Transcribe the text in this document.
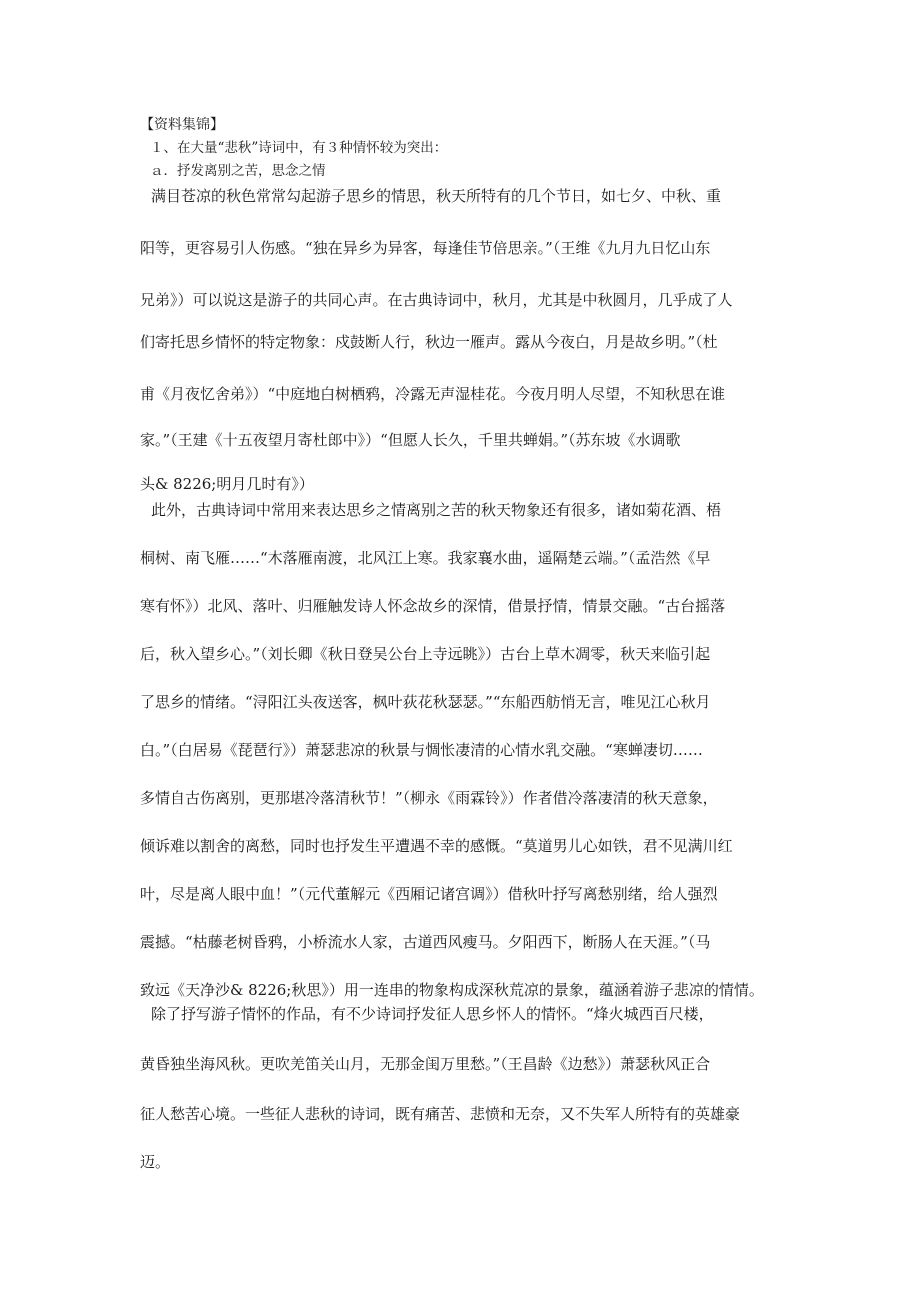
【资料集锦】
１、在大量“悲秋”诗词中，有３种情怀较为突出：
ａ．抒发离别之苦，思念之情
满目苍凉的秋色常常勾起游子思乡的情思，秋天所特有的几个节日，如七夕、中秋、重
阳等，更容易引人伤感。“独在异乡为异客，每逢佳节倍思亲。”（王维《九月九日忆山东
兄弟》）可以说这是游子的共同心声。在古典诗词中，秋月，尤其是中秋圆月，几乎成了人
们寄托思乡情怀的特定物象：戍鼓断人行，秋边一雁声。露从今夜白，月是故乡明。”（杜
甫《月夜忆舍弟》）“中庭地白树栖鸦，冷露无声湿桂花。今夜月明人尽望，不知秋思在谁
家。”（王建《十五夜望月寄杜郎中》）“但愿人长久，千里共蝉娟。”（苏东坡《水调歌
头& 8226;明月几时有》）
此外，古典诗词中常用来表达思乡之情离别之苦的秋天物象还有很多，诸如菊花酒、梧
桐树、南飞雁……“木落雁南渡，北风江上寒。我家襄水曲，遥隔楚云端。”（孟浩然《早
寒有怀》）北风、落叶、归雁触发诗人怀念故乡的深情，借景抒情，情景交融。“古台摇落
后，秋入望乡心。”（刘长卿《秋日登吴公台上寺远眺》）古台上草木凋零，秋天来临引起
了思乡的情绪。“浔阳江头夜送客，枫叶荻花秋瑟瑟。”“东船西舫悄无言，唯见江心秋月
白。”（白居易《琵琶行》）萧瑟悲凉的秋景与惆怅凄清的心情水乳交融。“寒蝉凄切……
多情自古伤离别，更那堪冷落清秋节！”（柳永《雨霖铃》）作者借冷落凄清的秋天意象，
倾诉难以割舍的离愁，同时也抒发生平遭遇不幸的感慨。“莫道男儿心如铁，君不见满川红
叶，尽是离人眼中血！”（元代董解元《西厢记诸宫调》）借秋叶抒写离愁别绪，给人强烈
震撼。“枯藤老树昏鸦，小桥流水人家，古道西风瘦马。夕阳西下，断肠人在天涯。”（马
致远《天净沙& 8226;秋思》）用一连串的物象构成深秋荒凉的景象，蕴涵着游子悲凉的情情。
除了抒写游子情怀的作品，有不少诗词抒发征人思乡怀人的情怀。“烽火城西百尺楼，
黄昏独坐海风秋。更吹羌笛关山月，无那金闺万里愁。”（王昌龄《边愁》）萧瑟秋风正合
征人愁苦心境。一些征人悲秋的诗词，既有痛苦、悲愤和无奈，又不失军人所特有的英雄豪
迈。
